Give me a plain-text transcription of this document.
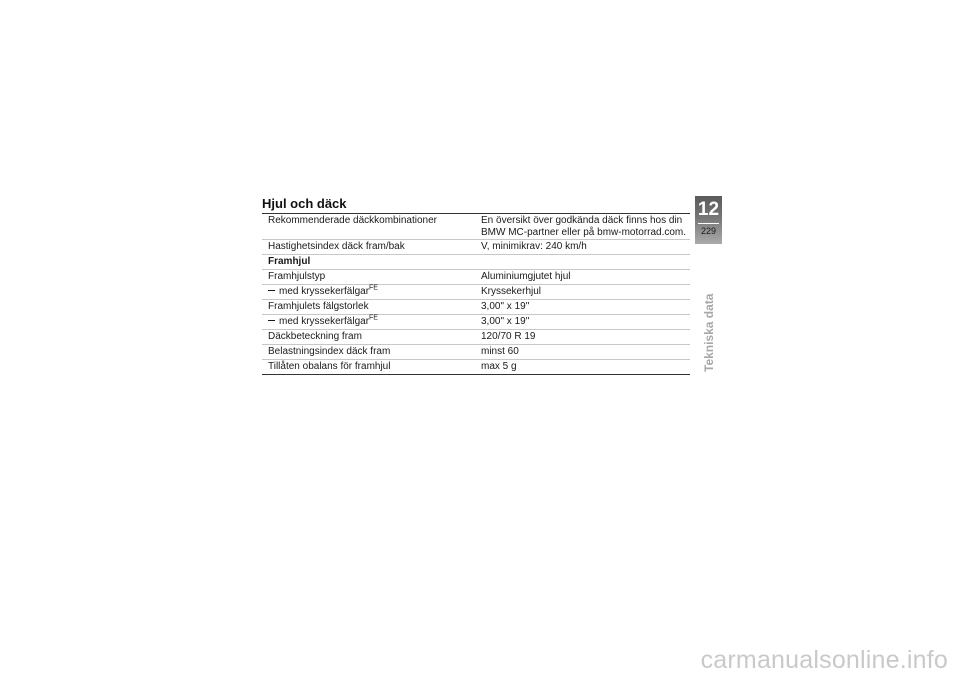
Hjul och däck
Rekommenderade däckkombinationer	En översikt över godkända däck finns hos din
BMW MC-partner eller på bmw-motorrad.com.
Hastighetsindex däck fram/bak	V, minimikrav: 240 km/h
Framhjul
Framhjulstyp	Aluminiumgjutet hjul
med kryssekerfälgar$^{FE}$	Kryssekerhjul
Framhjulets fälgstorlek	3,00" x 19"
med kryssekerfälgar$^{FE}$	3,00" x 19"
Däckbeteckning fram	120/70 R 19
Belastningsindex däck fram	minst 60
Tillåten obalans för framhjul	max 5 g
12
229
Tekniska data
carmanualsonline.info
